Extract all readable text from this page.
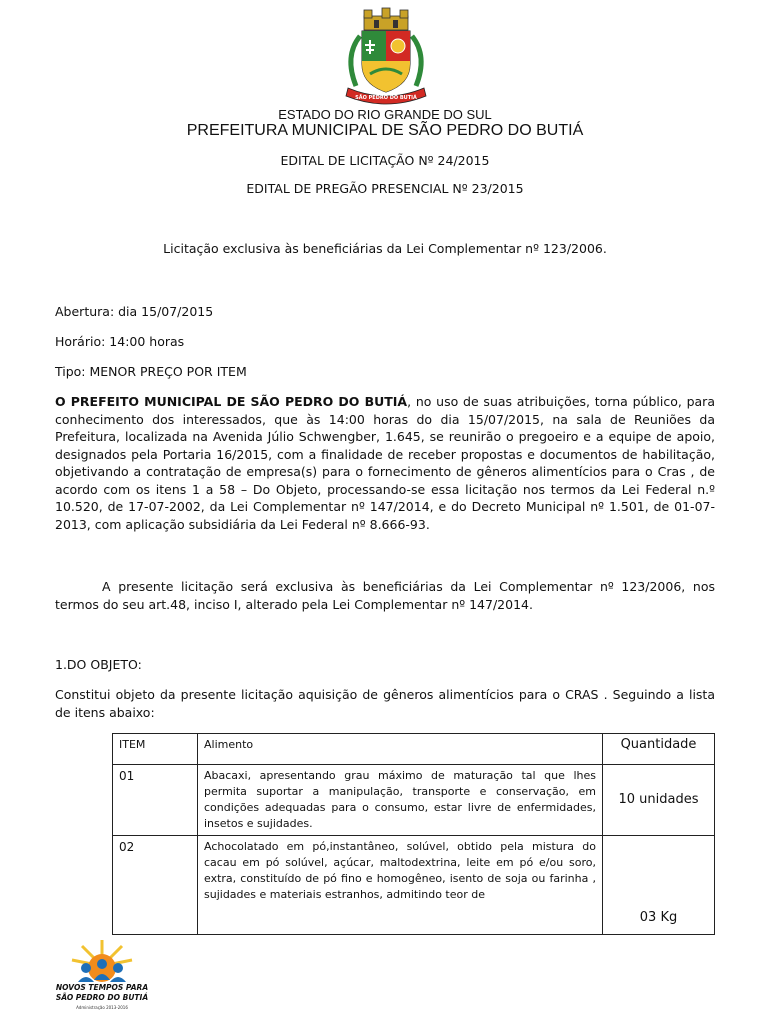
SÃO PEDRO DO BUTIÁ
ESTADO DO RIO GRANDE DO SUL
PREFEITURA MUNICIPAL DE SÃO PEDRO DO BUTIÁ
EDITAL DE LICITAÇÃO Nº 24/2015
EDITAL DE PREGÃO PRESENCIAL Nº 23/2015
Licitação exclusiva às beneficiárias da Lei Complementar nº 123/2006.
Abertura: dia 15/07/2015
Horário: 14:00 horas
Tipo: MENOR PREÇO POR ITEM
O PREFEITO MUNICIPAL DE SÃO PEDRO DO BUTIÁ, no uso de suas atribuições, torna público, para conhecimento dos interessados, que às 14:00 horas do dia 15/07/2015, na sala de Reuniões da Prefeitura, localizada na Avenida Júlio Schwengber, 1.645, se reunirão o pregoeiro e a equipe de apoio, designados pela Portaria 16/2015, com a finalidade de receber propostas e documentos de habilitação, objetivando a contratação de empresa(s) para o fornecimento de gêneros alimentícios para o Cras , de acordo com os itens 1 a 58 – Do Objeto, processando-se essa licitação nos termos da Lei Federal n.º 10.520, de 17-07-2002, da Lei Complementar nº 147/2014, e do Decreto Municipal nº 1.501, de 01-07-2013, com aplicação subsidiária da Lei Federal nº 8.666-93.
A presente licitação será exclusiva às beneficiárias da Lei Complementar nº 123/2006, nos termos do seu art.48, inciso I, alterado pela Lei Complementar nº 147/2014.
1.DO OBJETO:
Constitui objeto da presente licitação aquisição de gêneros alimentícios para o CRAS . Seguindo a lista de itens abaixo:
ITEM	Alimento	Quantidade
01	Abacaxi, apresentando grau máximo de maturação tal que lhes permita suportar a manipulação, transporte e conservação, em condições adequadas para o consumo, estar livre de enfermidades, insetos e sujidades.	10 unidades
02	Achocolatado em pó,instantâneo, solúvel, obtido pela mistura do cacau em pó solúvel, açúcar, maltodextrina, leite em pó e/ou soro, extra, constituído de pó fino e homogêneo, isento de soja ou farinha , sujidades e materiais estranhos, admitindo teor de	03 Kg
NOVOS TEMPOS PARA
SÃO PEDRO DO BUTIÁ
Administração 2013-2016
